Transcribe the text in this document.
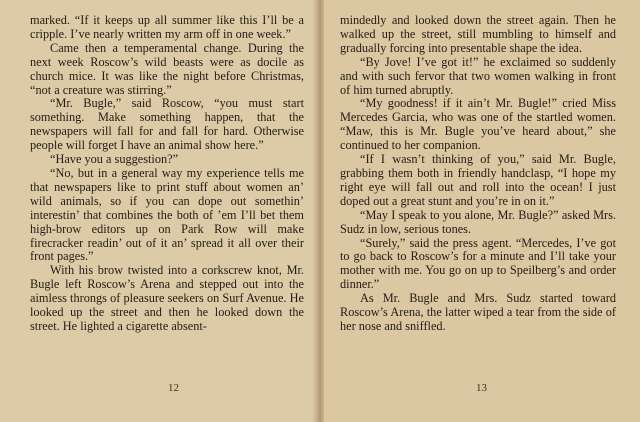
marked. “If it keeps up all summer like this I’ll be a cripple. I’ve nearly written my arm off in one week.”

Came then a temperamental change. During the next week Roscow’s wild beasts were as docile as church mice. It was like the night before Christmas, “not a creature was stirring.”

“Mr. Bugle,” said Roscow, “you must start something. Make something happen, that the newspapers will fall for and fall for hard. Otherwise people will forget I have an animal show here.”

“Have you a suggestion?”

“No, but in a general way my experience tells me that newspapers like to print stuff about women an’ wild animals, so if you can dope out somethin’ interestin’ that combines the both of ’em I’ll bet them high-brow editors up on Park Row will make firecracker readin’ out of it an’ spread it all over their front pages.”

With his brow twisted into a corkscrew knot, Mr. Bugle left Roscow’s Arena and stepped out into the aimless throngs of pleasure seekers on Surf Avenue. He looked up the street and then he looked down the street. He lighted a cigarette absent-

12

mindedly and looked down the street again. Then he walked up the street, still mumbling to himself and gradually forcing into presentable shape the idea.

“By Jove! I’ve got it!” he exclaimed so suddenly and with such fervor that two women walking in front of him turned abruptly.

“My goodness! if it ain’t Mr. Bugle!” cried Miss Mercedes Garcia, who was one of the startled women. “Maw, this is Mr. Bugle you’ve heard about,” she continued to her companion.

“If I wasn’t thinking of you,” said Mr. Bugle, grabbing them both in friendly handclasp, “I hope my right eye will fall out and roll into the ocean! I just doped out a great stunt and you’re in on it.”

“May I speak to you alone, Mr. Bugle?” asked Mrs. Sudz in low, serious tones.

“Surely,” said the press agent. “Mercedes, I’ve got to go back to Roscow’s for a minute and I’ll take your mother with me. You go on up to Speilberg’s and order dinner.”

As Mr. Bugle and Mrs. Sudz started toward Roscow’s Arena, the latter wiped a tear from the side of her nose and sniffled.

13
